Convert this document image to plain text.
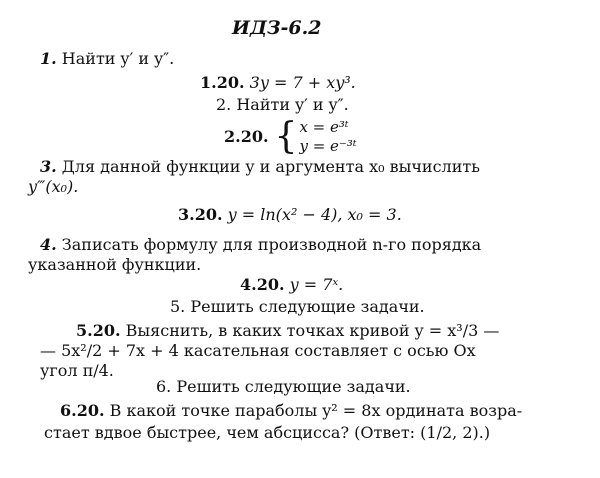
ИДЗ-6.2
1. Найти y′ и y″.
1.20. 3y = 7 + xy³.
2. Найти y′ и y″.
2.20. { x = e³ᵗ
y = e⁻³ᵗ
3. Для данной функции y и аргумента x₀ вычислить
y‴(x₀).
3.20. y = ln(x² − 4), x₀ = 3.
4. Записать формулу для производной n-го порядка
указанной функции.
4.20. y = 7ˣ.
5. Решить следующие задачи.
5.20. Выяснить, в каких точках кривой y = x³/3 —
— 5x²/2 + 7x + 4 касательная составляет с осью Ox
угол π/4.
6. Решить следующие задачи.
6.20. В какой точке параболы y² = 8x ордината возра-
стает вдвое быстрее, чем абсцисса? (Ответ: (1/2, 2).)
